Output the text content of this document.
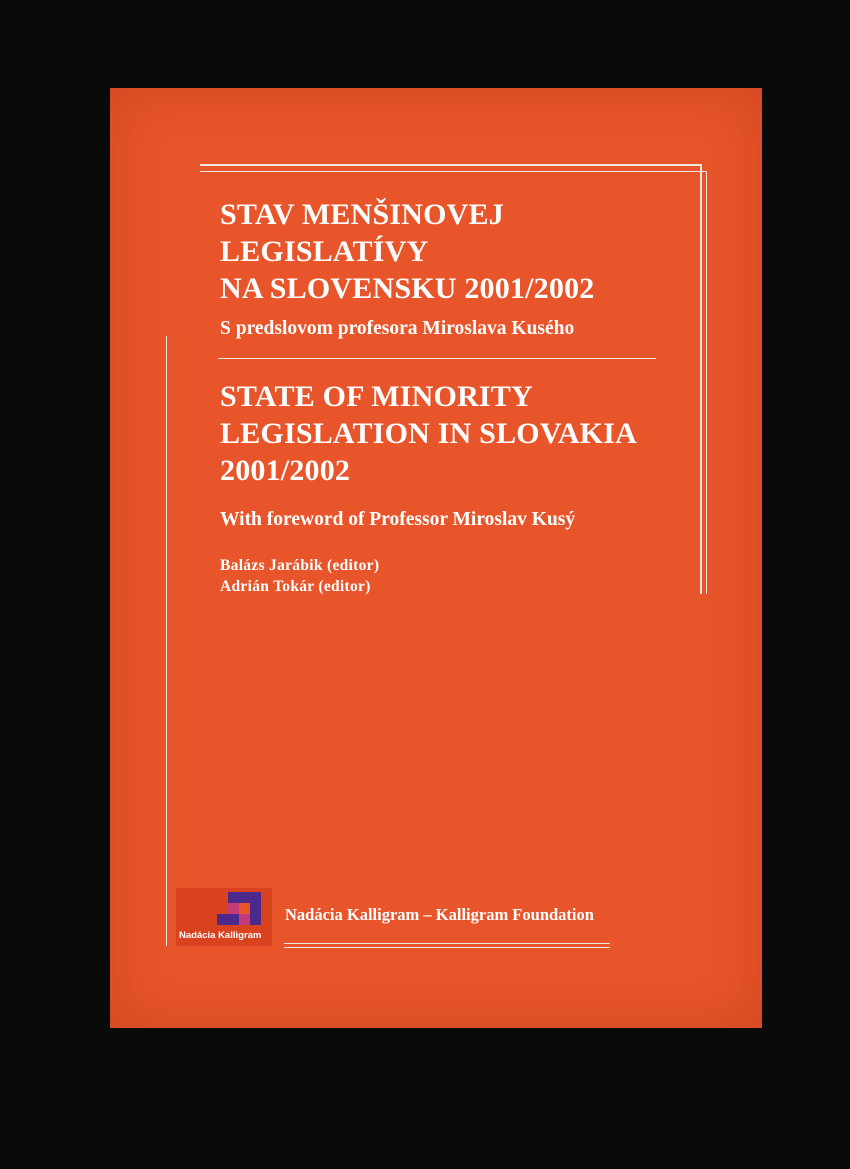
STAV MENŠINOVEJ
LEGISLATÍVY
NA SLOVENSKU 2001/2002

S predslovom profesora Miroslava Kusého

STATE OF MINORITY
LEGISLATION IN SLOVAKIA
2001/2002

With foreword of Professor Miroslav Kusý

Balázs Jarábik (editor)
Adrián Tokár (editor)
Nadácia Kalligram

Nadácia Kalligram – Kalligram Foundation
